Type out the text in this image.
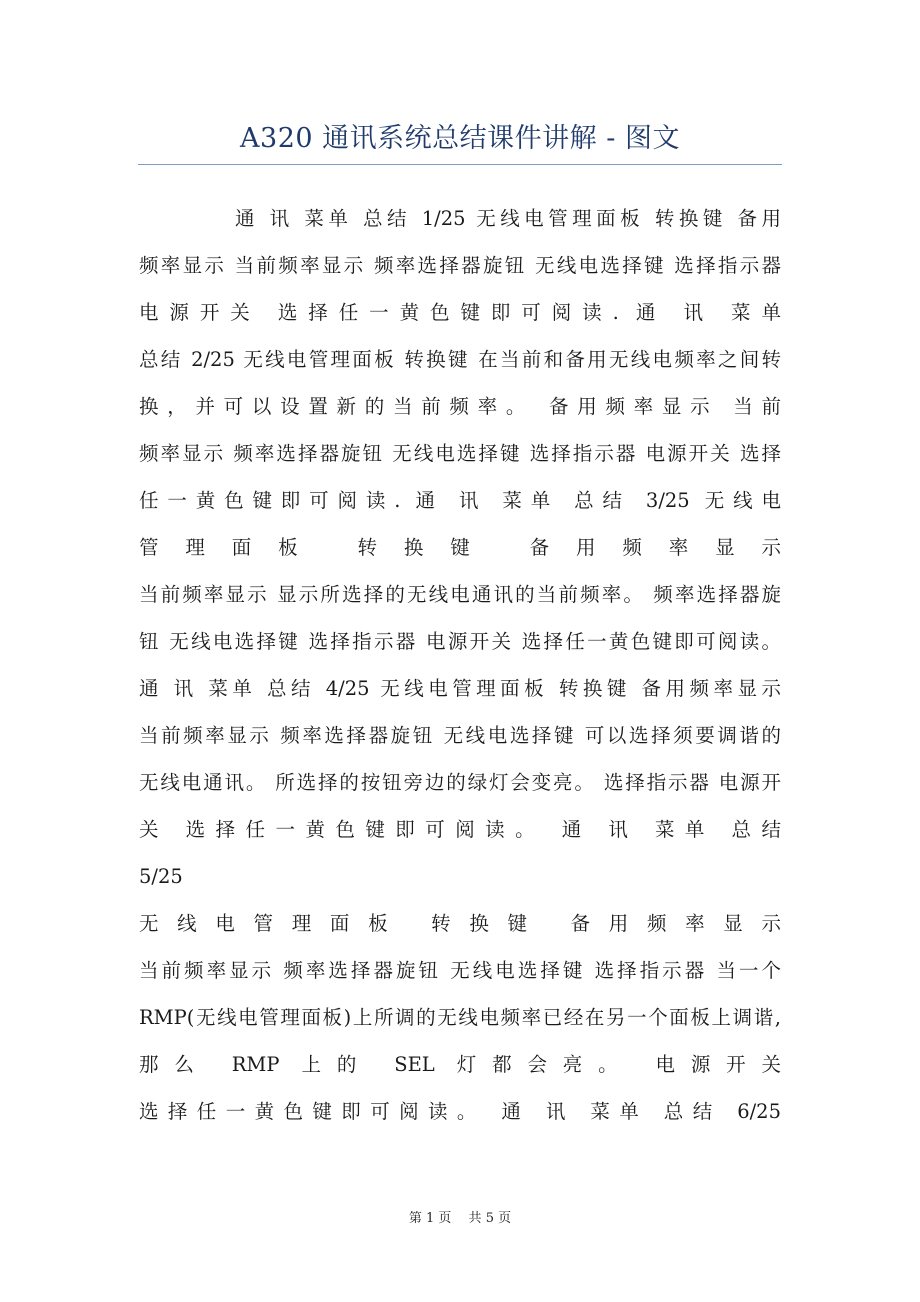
A320 通讯系统总结课件讲解 - 图文
通 讯 菜单 总结 1/25 无线电管理面板 转换键 备用
频率显示 当前频率显示 频率选择器旋钮 无线电选择键 选择指示器
电源开关 选择任一黄色键即可阅读. 通 讯 菜单
总结 2/25 无线电管理面板 转换键 在当前和备用无线电频率之间转
换，并可以设置新的当前频率。 备用频率显示 当前
频率显示 频率选择器旋钮 无线电选择键 选择指示器 电源开关 选择
任一黄色键即可阅读. 通 讯 菜单 总结 3/25 无线电
管理面板 转换键 备用频率显示
当前频率显示 显示所选择的无线电通讯的当前频率。 频率选择器旋
钮 无线电选择键 选择指示器 电源开关 选择任一黄色键即可阅读。
通 讯 菜单 总结 4/25 无线电管理面板 转换键 备用频率显示
当前频率显示 频率选择器旋钮 无线电选择键 可以选择须要调谐的
无线电通讯。 所选择的按钮旁边的绿灯会变亮。 选择指示器 电源开
关 选择任一黄色键即可阅读。 通 讯 菜单 总结
5/25
无线电管理面板 转换键 备用频率显示
当前频率显示 频率选择器旋钮 无线电选择键 选择指示器 当一个
RMP(无线电管理面板)上所调的无线电频率已经在另一个面板上调谐,
那么 RMP 上的 SEL 灯都会亮。 电源开关
选择任一黄色键即可阅读。 通 讯 菜单 总结 6/25
第 1 页　 共 5 页
